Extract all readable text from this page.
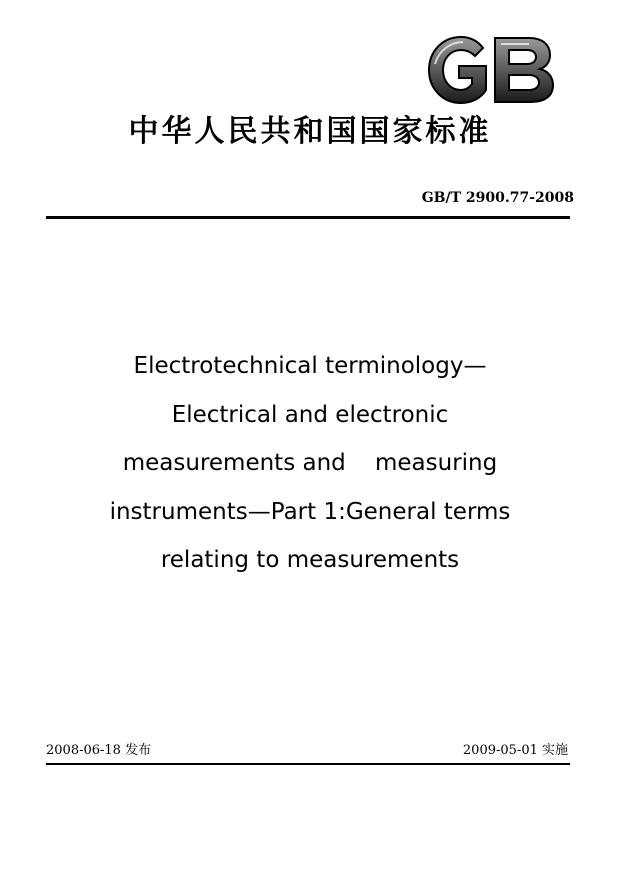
中华人民共和国国家标准
GB/T 2900.77-2008
Electrotechnical terminology—
Electrical and electronic
measurements and    measuring
instruments—Part 1:General terms
relating to measurements
2008-06-18 发布	2009-05-01 实施
